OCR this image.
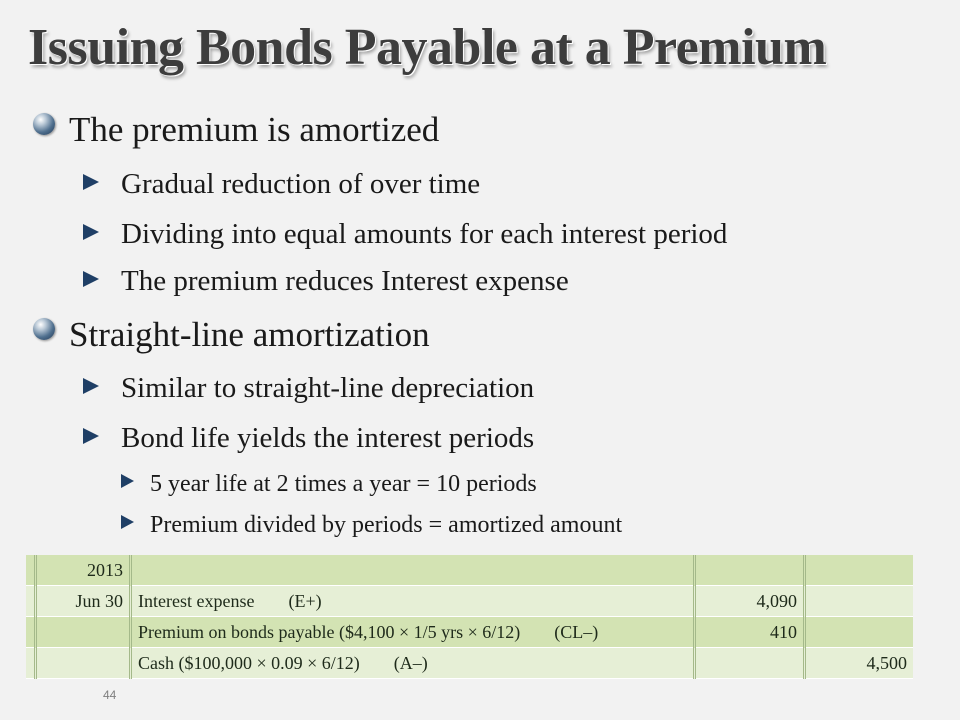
Issuing Bonds Payable at a Premium
The premium is amortized
Gradual reduction of over time
Dividing into equal amounts for each interest period
The premium reduces Interest expense
Straight-line amortization
Similar to straight-line depreciation
Bond life yields the interest periods
5 year life at 2 times a year = 10 periods
Premium divided by periods = amortized amount
	2013			
	Jun 30	Interest expense (E+)	4,090	
		Premium on bonds payable ($4,100 × 1/5 yrs × 6/12) (CL–)	410	
		Cash ($100,000 × 0.09 × 6/12) (A–)		4,500
44
